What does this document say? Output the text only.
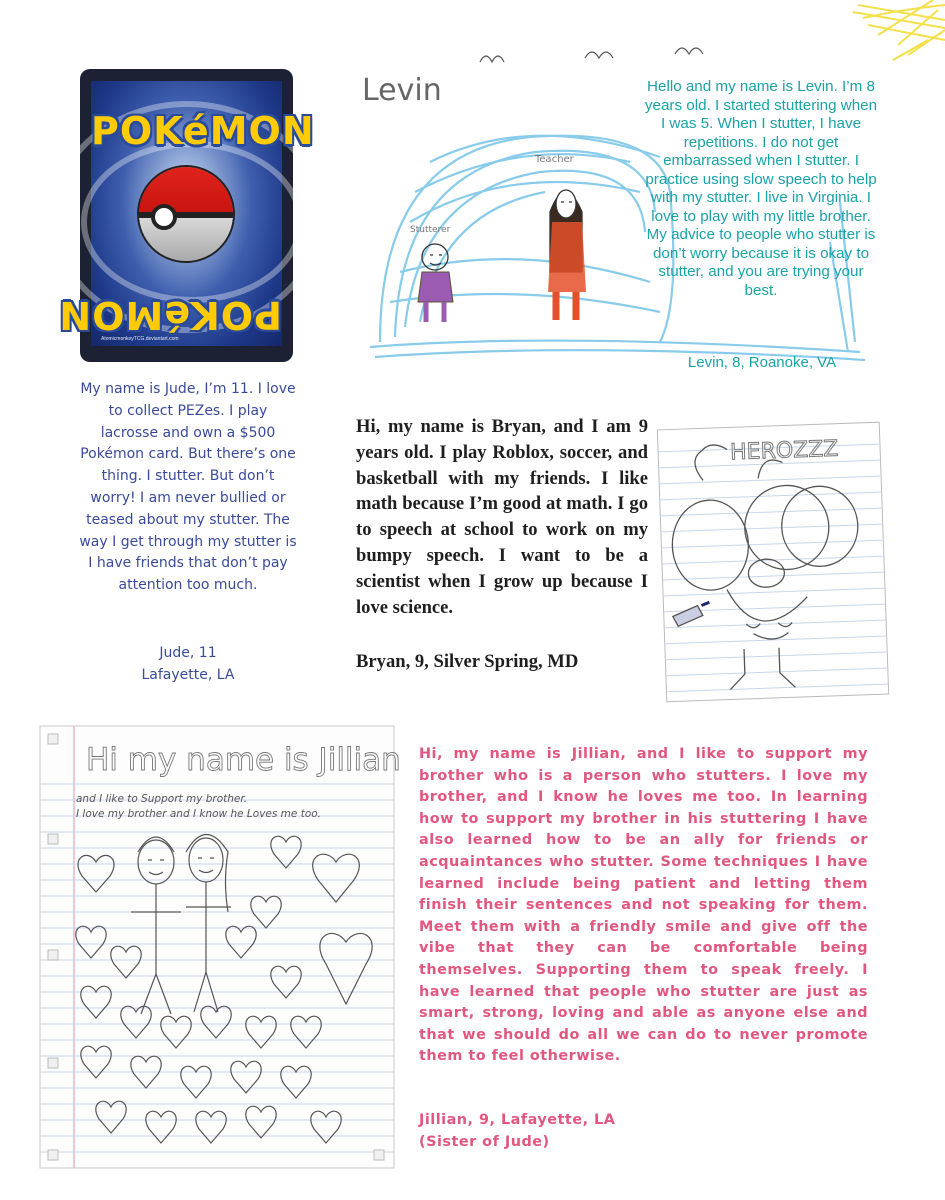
POKéMON
POKéMON
AtomicmonkeyTCG.deviantart.com
My name is Jude, I’m 11. I love to collect PEZes. I play lacrosse and own a $500 Pokémon card. But there’s one thing. I stutter. But don’t worry! I am never bullied or teased about my stutter. The way I get through my stutter is I have friends that don’t pay attention too much.
Jude, 11
Lafayette, LA
Levin
Teacher
Stutterer
Hello and my name is Levin. I’m 8 years old. I started stuttering when I was 5. When I stutter, I have repetitions. I do not get embarrassed when I stutter. I practice using slow speech to help with my stutter. I live in Virginia. I love to play with my little brother. My advice to people who stutter is don’t worry because it is okay to stutter, and you are trying your best.
Levin, 8, Roanoke, VA
Hi, my name is Bryan, and I am 9 years old. I play Roblox, soccer, and basketball with my friends. I like math because I’m good at math. I go to speech at school to work on my bumpy speech. I want to be a scientist when I grow up because I love science.
Bryan, 9, Silver Spring, MD
HEROZZZ
Hi my name is Jillian
and I like to Support my brother.
I love my brother and I know he Loves me too.
Hi, my name is Jillian, and I like to support my brother who is a person who stutters. I love my brother, and I know he loves me too. In learning how to support my brother in his stuttering I have also learned how to be an ally for friends or acquaintances who stutter. Some techniques I have learned include being patient and letting them finish their sentences and not speaking for them. Meet them with a friendly smile and give off the vibe that they can be comfortable being themselves. Supporting them to speak freely. I have learned that people who stutter are just as smart, strong, loving and able as anyone else and that we should do all we can do to never promote them to feel otherwise.
Jillian, 9, Lafayette, LA
(Sister of Jude)
